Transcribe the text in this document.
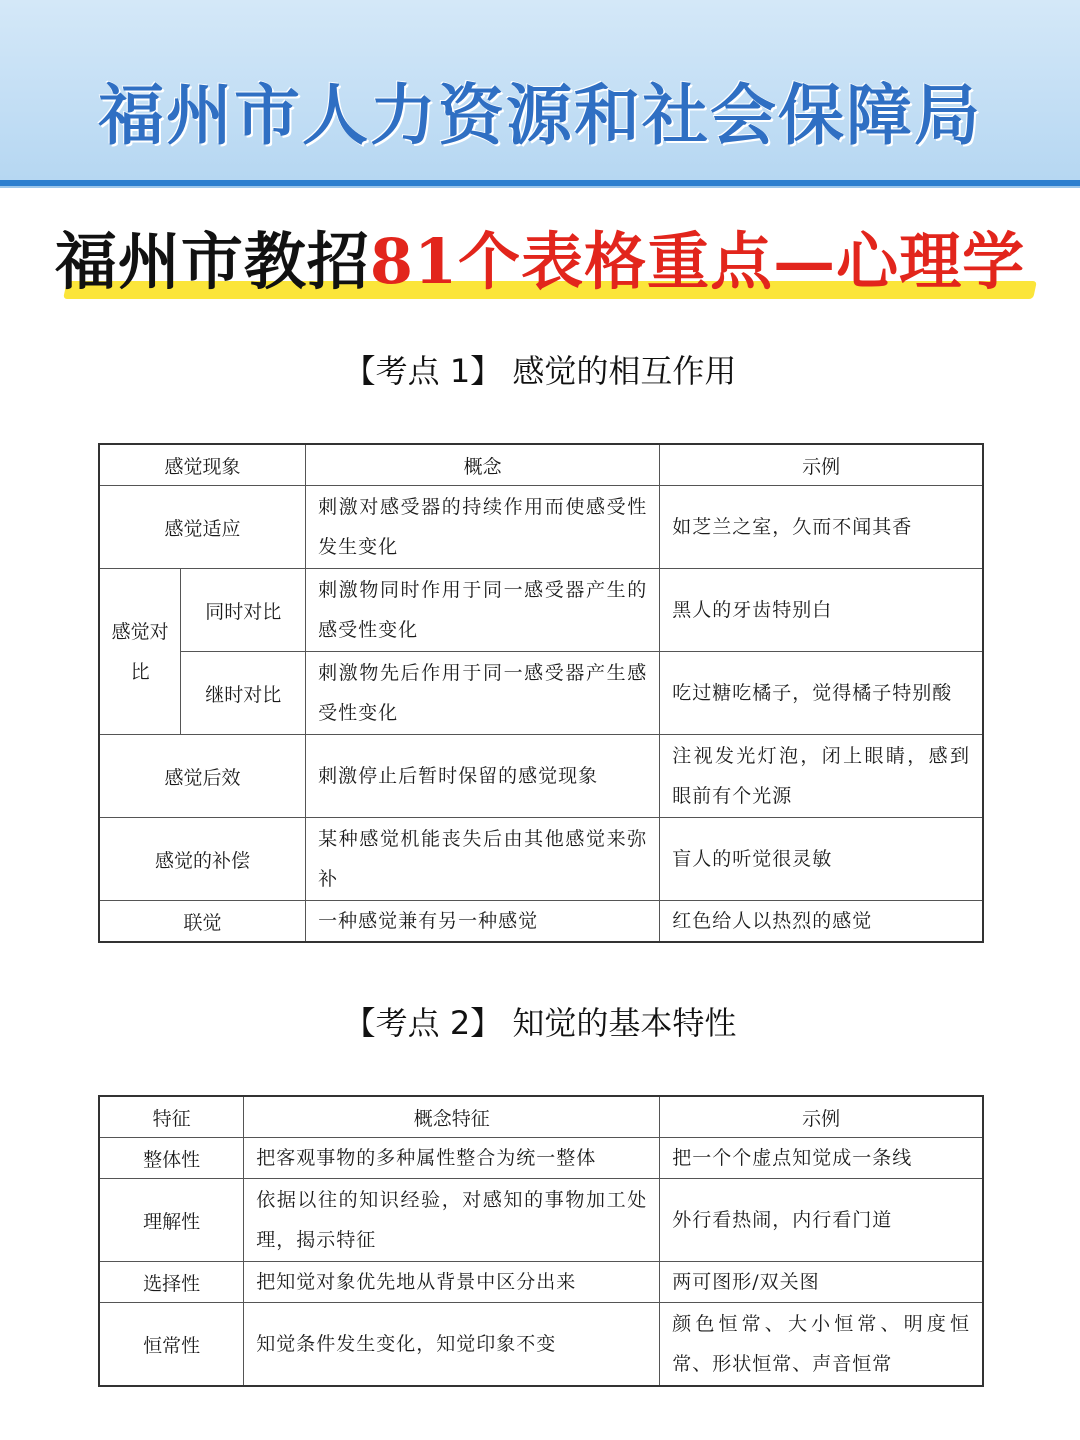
福州市人力资源和社会保障局
福州市教招81个表格重点—心理学
【考点 1】 感觉的相互作用
感觉现象		概念	示例
感觉适应		刺激对感受器的持续作用而使感受性发生变化	如芝兰之室，久而不闻其香
感觉对比	同时对比	刺激物同时作用于同一感受器产生的感受性变化	黑人的牙齿特别白
	继时对比	刺激物先后作用于同一感受器产生感受性变化	吃过糖吃橘子，觉得橘子特别酸
感觉后效		刺激停止后暂时保留的感觉现象	注视发光灯泡，闭上眼睛，感到眼前有个光源
感觉的补偿		某种感觉机能丧失后由其他感觉来弥补	盲人的听觉很灵敏
联觉		一种感觉兼有另一种感觉	红色给人以热烈的感觉
【考点 2】 知觉的基本特性
特征	概念特征	示例
整体性	把客观事物的多种属性整合为统一整体	把一个个虚点知觉成一条线
理解性	依据以往的知识经验，对感知的事物加工处理，揭示特征	外行看热闹，内行看门道
选择性	把知觉对象优先地从背景中区分出来	两可图形/双关图
恒常性	知觉条件发生变化，知觉印象不变	颜色恒常、大小恒常、明度恒常、形状恒常、声音恒常
